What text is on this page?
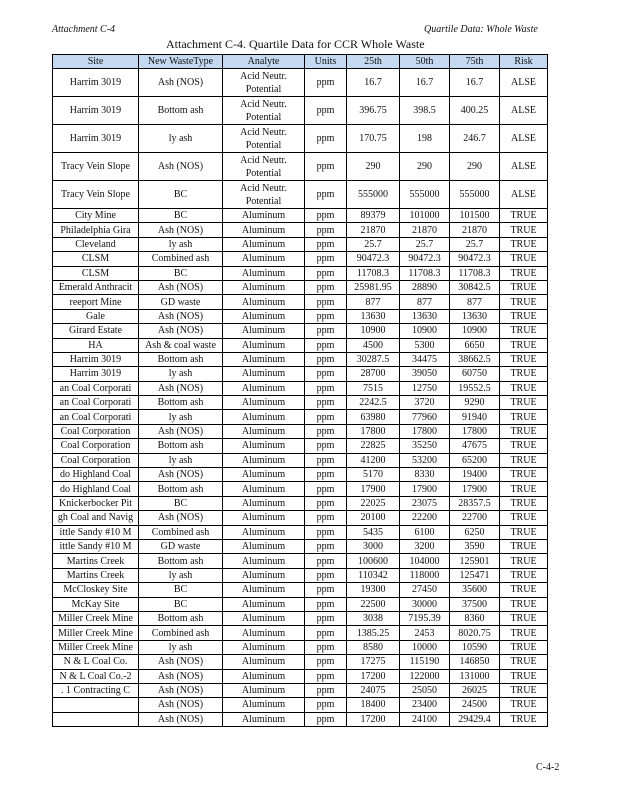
Attachment C-4	Quartile Data: Whole Waste
Attachment C-4. Quartile Data for CCR Whole Waste
Site	New WasteType	Analyte	Units	25th	50th	75th	Risk
Harrim 3019	Ash (NOS)	Acid Neutr. Potential	ppm	16.7	16.7	16.7	ALSE
Harrim 3019	Bottom ash	Acid Neutr. Potential	ppm	396.75	398.5	400.25	ALSE
Harrim 3019	ly ash	Acid Neutr. Potential	ppm	170.75	198	246.7	ALSE
Tracy Vein Slope	Ash (NOS)	Acid Neutr. Potential	ppm	290	290	290	ALSE
Tracy Vein Slope	BC	Acid Neutr. Potential	ppm	555000	555000	555000	ALSE
City Mine	BC	Aluminum	ppm	89379	101000	101500	TRUE
Philadelphia Gira	Ash (NOS)	Aluminum	ppm	21870	21870	21870	TRUE
Cleveland	ly ash	Aluminum	ppm	25.7	25.7	25.7	TRUE
CLSM	Combined ash	Aluminum	ppm	90472.3	90472.3	90472.3	TRUE
CLSM	BC	Aluminum	ppm	11708.3	11708.3	11708.3	TRUE
Emerald Anthracit	Ash (NOS)	Aluminum	ppm	25981.95	28890	30842.5	TRUE
reeport Mine	GD waste	Aluminum	ppm	877	877	877	TRUE
Gale	Ash (NOS)	Aluminum	ppm	13630	13630	13630	TRUE
Girard Estate	Ash (NOS)	Aluminum	ppm	10900	10900	10900	TRUE
HA	Ash & coal waste	Aluminum	ppm	4500	5300	6650	TRUE
Harrim 3019	Bottom ash	Aluminum	ppm	30287.5	34475	38662.5	TRUE
Harrim 3019	ly ash	Aluminum	ppm	28700	39050	60750	TRUE
an Coal Corporati	Ash (NOS)	Aluminum	ppm	7515	12750	19552.5	TRUE
an Coal Corporati	Bottom ash	Aluminum	ppm	2242.5	3720	9290	TRUE
an Coal Corporati	ly ash	Aluminum	ppm	63980	77960	91940	TRUE
Coal Corporation	Ash (NOS)	Aluminum	ppm	17800	17800	17800	TRUE
Coal Corporation	Bottom ash	Aluminum	ppm	22825	35250	47675	TRUE
Coal Corporation	ly ash	Aluminum	ppm	41200	53200	65200	TRUE
do Highland Coal	Ash (NOS)	Aluminum	ppm	5170	8330	19400	TRUE
do Highland Coal	Bottom ash	Aluminum	ppm	17900	17900	17900	TRUE
Knickerbocker Pit	BC	Aluminum	ppm	22025	23075	28357.5	TRUE
gh Coal and Navig	Ash (NOS)	Aluminum	ppm	20100	22200	22700	TRUE
ittle Sandy #10 M	Combined ash	Aluminum	ppm	5435	6100	6250	TRUE
ittle Sandy #10 M	GD waste	Aluminum	ppm	3000	3200	3590	TRUE
Martins Creek	Bottom ash	Aluminum	ppm	100600	104000	125901	TRUE
Martins Creek	ly ash	Aluminum	ppm	110342	118000	125471	TRUE
McCloskey Site	BC	Aluminum	ppm	19300	27450	35600	TRUE
McKay Site	BC	Aluminum	ppm	22500	30000	37500	TRUE
Miller Creek Mine	Bottom ash	Aluminum	ppm	3038	7195.39	8360	TRUE
Miller Creek Mine	Combined ash	Aluminum	ppm	1385.25	2453	8020.75	TRUE
Miller Creek Mine	ly ash	Aluminum	ppm	8580	10000	10590	TRUE
N & L Coal Co.	Ash (NOS)	Aluminum	ppm	17275	115190	146850	TRUE
N & L Coal Co.-2	Ash (NOS)	Aluminum	ppm	17200	122000	131000	TRUE
. 1 Contracting C	Ash (NOS)	Aluminum	ppm	24075	25050	26025	TRUE
	Ash (NOS)	Aluminum	ppm	18400	23400	24500	TRUE
	Ash (NOS)	Aluminum	ppm	17200	24100	29429.4	TRUE
C-4-2
